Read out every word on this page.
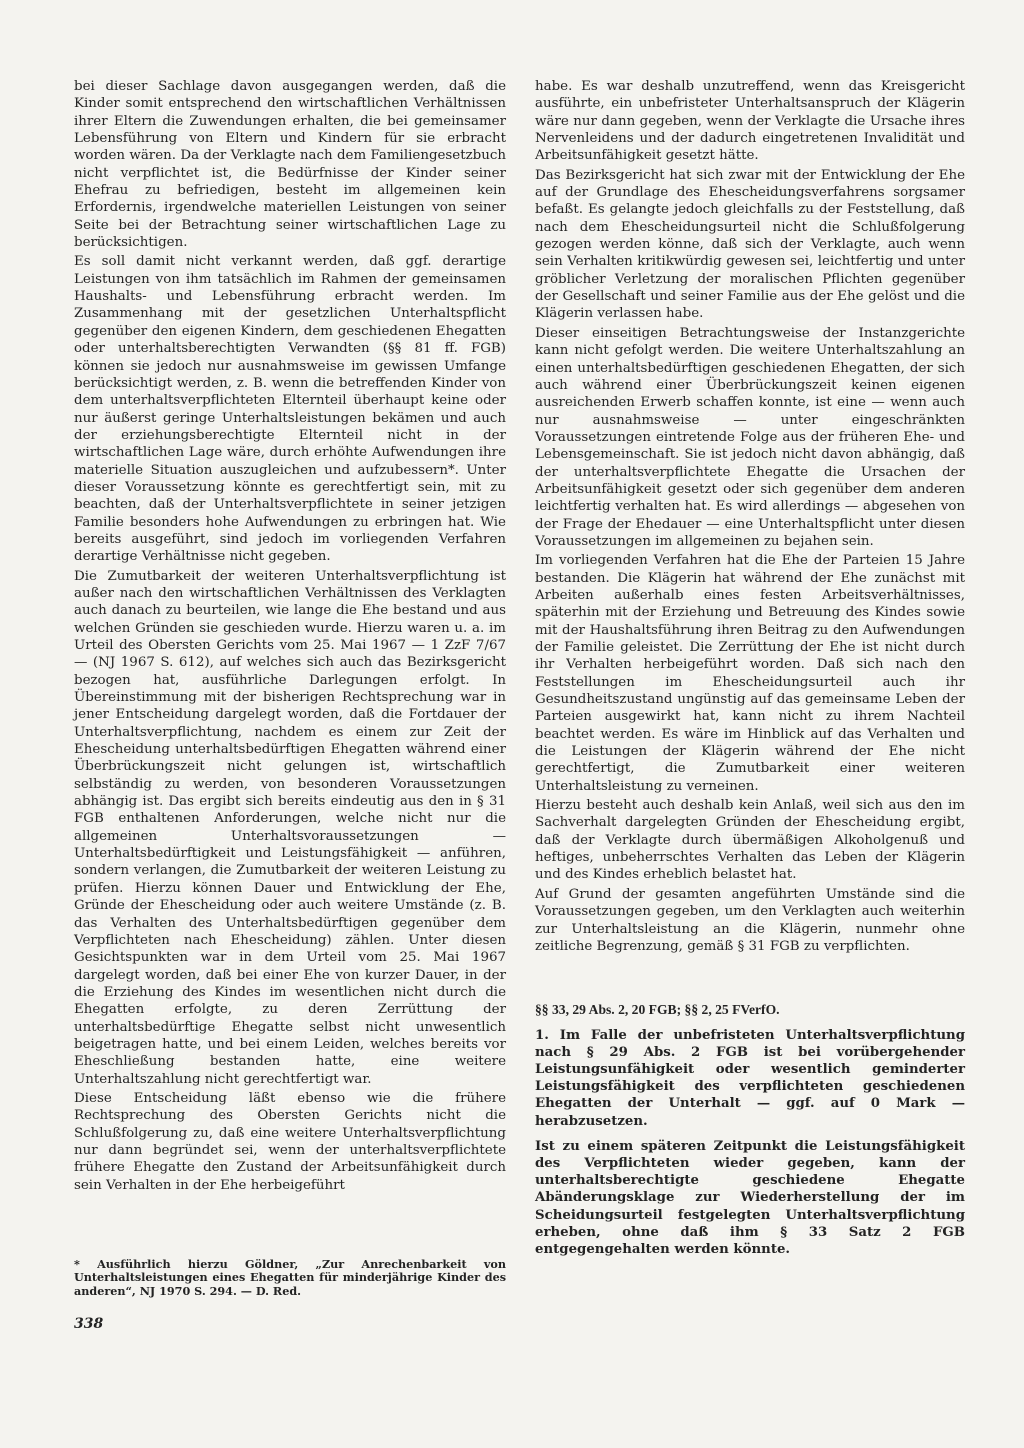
bei dieser Sachlage davon ausgegangen werden, daß die Kinder somit entsprechend den wirtschaftlichen Verhältnissen ihrer Eltern die Zuwendungen erhalten, die bei gemeinsamer Lebensführung von Eltern und Kindern für sie erbracht worden wären. Da der Verklagte nach dem Familiengesetzbuch nicht verpflichtet ist, die Bedürfnisse der Kinder seiner Ehefrau zu befriedigen, besteht im allgemeinen kein Erfordernis, irgendwelche materiellen Leistungen von seiner Seite bei der Betrachtung seiner wirtschaftlichen Lage zu berücksichtigen.

Es soll damit nicht verkannt werden, daß ggf. derartige Leistungen von ihm tatsächlich im Rahmen der gemeinsamen Haushalts- und Lebensführung erbracht werden. Im Zusammenhang mit der gesetzlichen Unterhaltspflicht gegenüber den eigenen Kindern, dem geschiedenen Ehegatten oder unterhaltsberechtigten Verwandten (§§ 81 ff. FGB) können sie jedoch nur ausnahmsweise im gewissen Umfange berücksichtigt werden, z. B. wenn die betreffenden Kinder von dem unterhaltsverpflichteten Elternteil überhaupt keine oder nur äußerst geringe Unterhaltsleistungen bekämen und auch der erziehungsberechtigte Elternteil nicht in der wirtschaftlichen Lage wäre, durch erhöhte Aufwendungen ihre materielle Situation auszugleichen und aufzubessern*. Unter dieser Voraussetzung könnte es gerechtfertigt sein, mit zu beachten, daß der Unterhaltsverpflichtete in seiner jetzigen Familie besonders hohe Aufwendungen zu erbringen hat. Wie bereits ausgeführt, sind jedoch im vorliegenden Verfahren derartige Verhältnisse nicht gegeben.

Die Zumutbarkeit der weiteren Unterhaltsverpflichtung ist außer nach den wirtschaftlichen Verhältnissen des Verklagten auch danach zu beurteilen, wie lange die Ehe bestand und aus welchen Gründen sie geschieden wurde. Hierzu waren u. a. im Urteil des Obersten Gerichts vom 25. Mai 1967 — 1 ZzF 7/67 — (NJ 1967 S. 612), auf welches sich auch das Bezirksgericht bezogen hat, ausführliche Darlegungen erfolgt. In Übereinstimmung mit der bisherigen Rechtsprechung war in jener Entscheidung dargelegt worden, daß die Fortdauer der Unterhaltsverpflichtung, nachdem es einem zur Zeit der Ehescheidung unterhaltsbedürftigen Ehegatten während einer Überbrückungszeit nicht gelungen ist, wirtschaftlich selbständig zu werden, von besonderen Voraussetzungen abhängig ist. Das ergibt sich bereits eindeutig aus den in § 31 FGB enthaltenen Anforderungen, welche nicht nur die allgemeinen Unterhaltsvoraussetzungen — Unterhaltsbedürftigkeit und Leistungsfähigkeit — anführen, sondern verlangen, die Zumutbarkeit der weiteren Leistung zu prüfen. Hierzu können Dauer und Entwicklung der Ehe, Gründe der Ehescheidung oder auch weitere Umstände (z. B. das Verhalten des Unterhaltsbedürftigen gegenüber dem Verpflichteten nach Ehescheidung) zählen. Unter diesen Gesichtspunkten war in dem Urteil vom 25. Mai 1967 dargelegt worden, daß bei einer Ehe von kurzer Dauer, in der die Erziehung des Kindes im wesentlichen nicht durch die Ehegatten erfolgte, zu deren Zerrüttung der unterhaltsbedürftige Ehegatte selbst nicht unwesentlich beigetragen hatte, und bei einem Leiden, welches bereits vor Eheschließung bestanden hatte, eine weitere Unterhaltszahlung nicht gerechtfertigt war.

Diese Entscheidung läßt ebenso wie die frühere Rechtsprechung des Obersten Gerichts nicht die Schlußfolgerung zu, daß eine weitere Unterhaltsverpflichtung nur dann begründet sei, wenn der unterhaltsverpflichtete frühere Ehegatte den Zustand der Arbeitsunfähigkeit durch sein Verhalten in der Ehe herbeigeführt

* Ausführlich hierzu Göldner, „Zur Anrechenbarkeit von Unterhaltsleistungen eines Ehegatten für minderjährige Kinder des anderen“, NJ 1970 S. 294. — D. Red.
338

habe. Es war deshalb unzutreffend, wenn das Kreisgericht ausführte, ein unbefristeter Unterhaltsanspruch der Klägerin wäre nur dann gegeben, wenn der Verklagte die Ursache ihres Nervenleidens und der dadurch eingetretenen Invalidität und Arbeitsunfähigkeit gesetzt hätte.

Das Bezirksgericht hat sich zwar mit der Entwicklung der Ehe auf der Grundlage des Ehescheidungsverfahrens sorgsamer befaßt. Es gelangte jedoch gleichfalls zu der Feststellung, daß nach dem Ehescheidungsurteil nicht die Schlußfolgerung gezogen werden könne, daß sich der Verklagte, auch wenn sein Verhalten kritikwürdig gewesen sei, leichtfertig und unter gröblicher Verletzung der moralischen Pflichten gegenüber der Gesellschaft und seiner Familie aus der Ehe gelöst und die Klägerin verlassen habe.

Dieser einseitigen Betrachtungsweise der Instanzgerichte kann nicht gefolgt werden. Die weitere Unterhaltszahlung an einen unterhaltsbedürftigen geschiedenen Ehegatten, der sich auch während einer Überbrückungszeit keinen eigenen ausreichenden Erwerb schaffen konnte, ist eine — wenn auch nur ausnahmsweise — unter eingeschränkten Voraussetzungen eintretende Folge aus der früheren Ehe- und Lebensgemeinschaft. Sie ist jedoch nicht davon abhängig, daß der unterhaltsverpflichtete Ehegatte die Ursachen der Arbeitsunfähigkeit gesetzt oder sich gegenüber dem anderen leichtfertig verhalten hat. Es wird allerdings — abgesehen von der Frage der Ehedauer — eine Unterhaltspflicht unter diesen Voraussetzungen im allgemeinen zu bejahen sein.

Im vorliegenden Verfahren hat die Ehe der Parteien 15 Jahre bestanden. Die Klägerin hat während der Ehe zunächst mit Arbeiten außerhalb eines festen Arbeitsverhältnisses, späterhin mit der Erziehung und Betreuung des Kindes sowie mit der Haushaltsführung ihren Beitrag zu den Aufwendungen der Familie geleistet. Die Zerrüttung der Ehe ist nicht durch ihr Verhalten herbeigeführt worden. Daß sich nach den Feststellungen im Ehescheidungsurteil auch ihr Gesundheitszustand ungünstig auf das gemeinsame Leben der Parteien ausgewirkt hat, kann nicht zu ihrem Nachteil beachtet werden. Es wäre im Hinblick auf das Verhalten und die Leistungen der Klägerin während der Ehe nicht gerechtfertigt, die Zumutbarkeit einer weiteren Unterhaltsleistung zu verneinen.

Hierzu besteht auch deshalb kein Anlaß, weil sich aus den im Sachverhalt dargelegten Gründen der Ehescheidung ergibt, daß der Verklagte durch übermäßigen Alkoholgenuß und heftiges, unbeherrschtes Verhalten das Leben der Klägerin und des Kindes erheblich belastet hat.

Auf Grund der gesamten angeführten Umstände sind die Voraussetzungen gegeben, um den Verklagten auch weiterhin zur Unterhaltsleistung an die Klägerin, nunmehr ohne zeitliche Begrenzung, gemäß § 31 FGB zu verpflichten.

§§ 33, 29 Abs. 2, 20 FGB; §§ 2, 25 FVerfO.

1. Im Falle der unbefristeten Unterhaltsverpflichtung nach § 29 Abs. 2 FGB ist bei vorübergehender Leistungsunfähigkeit oder wesentlich geminderter Leistungsfähigkeit des verpflichteten geschiedenen Ehegatten der Unterhalt — ggf. auf 0 Mark — herabzusetzen.

Ist zu einem späteren Zeitpunkt die Leistungsfähigkeit des Verpflichteten wieder gegeben, kann der unterhaltsberechtigte geschiedene Ehegatte Abänderungsklage zur Wiederherstellung der im Scheidungsurteil festgelegten Unterhaltsverpflichtung erheben, ohne daß ihm § 33 Satz 2 FGB entgegengehalten werden könnte.
